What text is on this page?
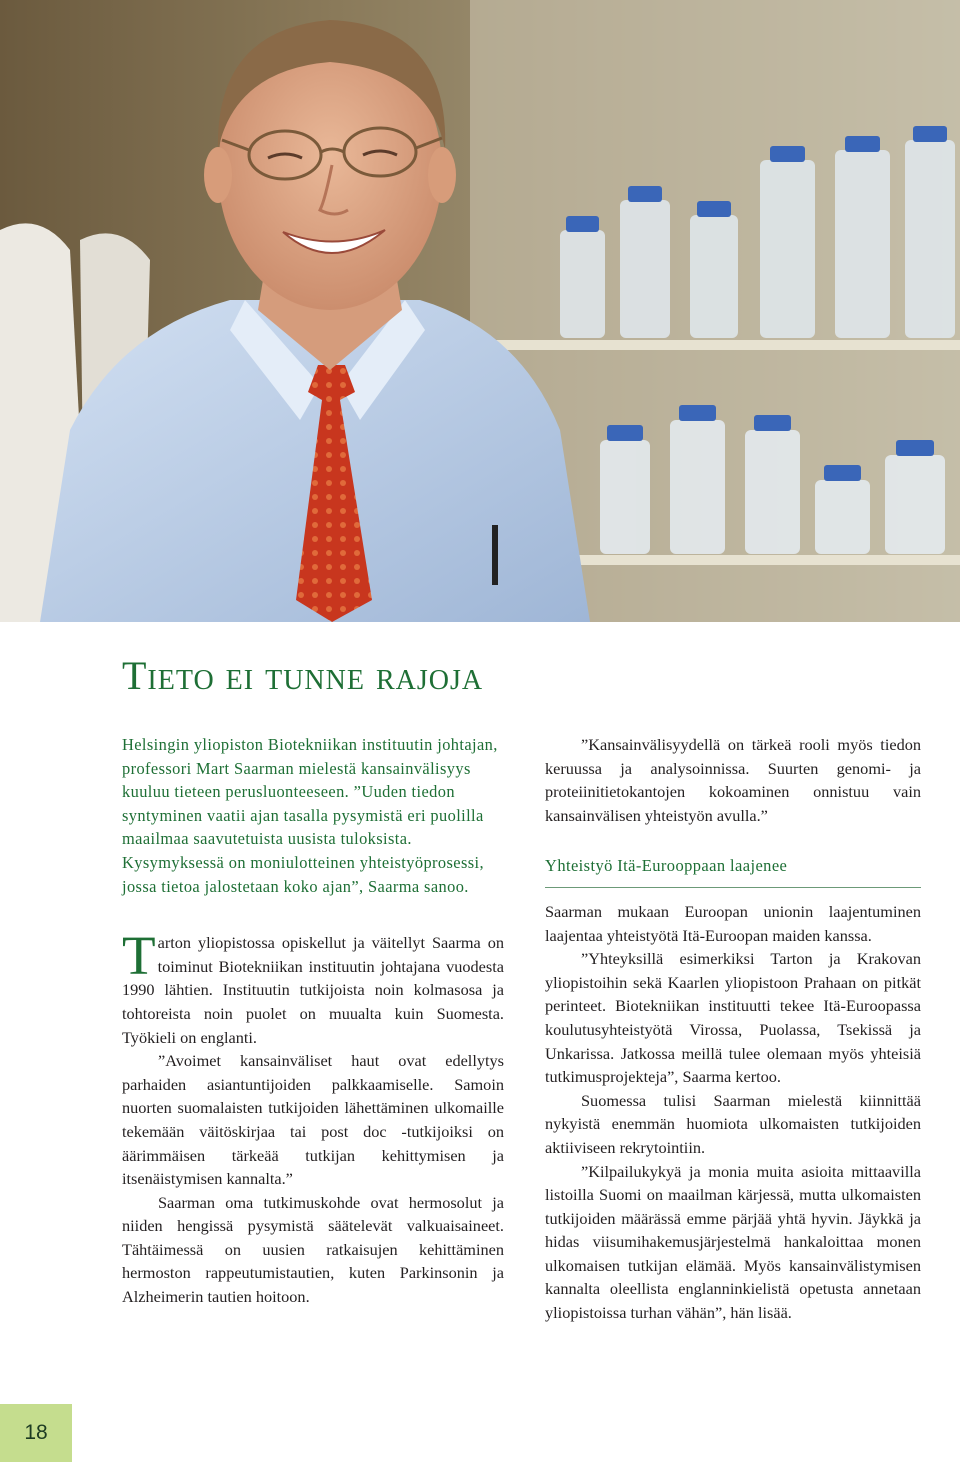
Tieto ei tunne rajoja

Helsingin yliopiston Biotekniikan instituutin johtajan, professori Mart Saarman mielestä kansainvälisyys kuuluu tieteen perusluonteeseen. ”Uuden tiedon syntyminen vaatii ajan tasalla pysymistä eri puolilla maailmaa saavutetuista uusista tuloksista. Kysymyksessä on moniulotteinen yhteistyöprosessi, jossa tietoa jalostetaan koko ajan”, Saarma sanoo.

Tarton yliopistossa opiskellut ja väitellyt Saarma on toiminut Biotekniikan instituutin johtajana vuodesta 1990 lähtien. Instituutin tutkijoista noin kolmasosa ja tohtoreista noin puolet on muualta kuin Suomesta. Työkieli on englanti.

”Avoimet kansainväliset haut ovat edellytys parhaiden asiantuntijoiden palkkaamiselle. Samoin nuorten suomalaisten tutkijoiden lähettäminen ulkomaille tekemään väitöskirjaa tai post doc -tutkijoiksi on äärimmäisen tärkeää tutkijan kehittymisen ja itsenäistymisen kannalta.”

Saarman oma tutkimuskohde ovat hermosolut ja niiden hengissä pysymistä säätelevät valkuaisaineet. Tähtäimessä on uusien ratkaisujen kehittäminen hermoston rappeutumistautien, kuten Parkinsonin ja Alzheimerin tautien hoitoon.

”Kansainvälisyydellä on tärkeä rooli myös tiedon keruussa ja analysoinnissa. Suurten genomi- ja proteiinitietokantojen kokoaminen onnistuu vain kansainvälisen yhteistyön avulla.”

Yhteistyö Itä-Eurooppaan laajenee

Saarman mukaan Euroopan unionin laajentuminen laajentaa yhteistyötä Itä-Euroopan maiden kanssa.

”Yhteyksillä esimerkiksi Tarton ja Krakovan yliopistoihin sekä Kaarlen yliopistoon Prahaan on pitkät perinteet. Biotekniikan instituutti tekee Itä-Euroopassa koulutusyhteistyötä Virossa, Puolassa, Tsekissä ja Unkarissa. Jatkossa meillä tulee olemaan myös yhteisiä tutkimusprojekteja”, Saarma kertoo.

Suomessa tulisi Saarman mielestä kiinnittää nykyistä enemmän huomiota ulkomaisten tutkijoiden aktiiviseen rekrytointiin.

”Kilpailukykyä ja monia muita asioita mittaavilla listoilla Suomi on maailman kärjessä, mutta ulkomaisten tutkijoiden määrässä emme pärjää yhtä hyvin. Jäykkä ja hidas viisumihakemusjärjestelmä hankaloittaa monen ulkomaisen tutkijan elämää. Myös kansainvälistymisen kannalta oleellista englanninkielistä opetusta annetaan yliopistoissa turhan vähän”, hän lisää.

18
